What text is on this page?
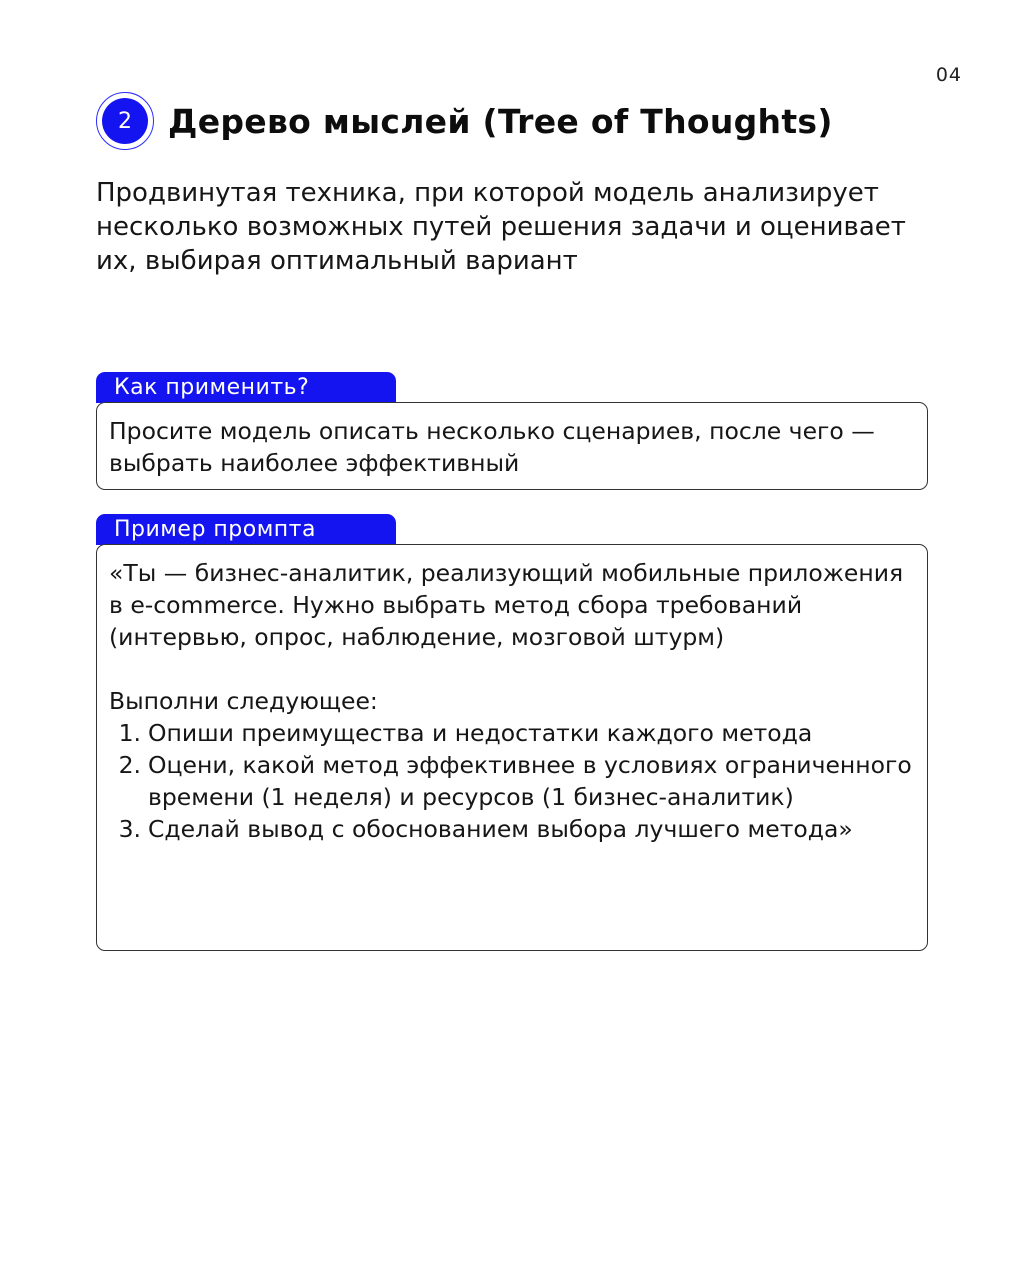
04
2	Дерево мыслей (Tree of Thoughts)
Продвинутая техника, при которой модель анализирует несколько возможных путей решения задачи и оценивает их, выбирая оптимальный вариант
Как применить?

Просите модель описать несколько сценариев, после чего — выбрать наиболее эффективный

Пример промпта

«Ты — бизнес-аналитик, реализующий мобильные приложения в e-commerce. Нужно выбрать метод сбора требований (интервью, опрос, наблюдение, мозговой штурм)

Выполни следующее:

1. Опиши преимущества и недостатки каждого метода
2. Оцени, какой метод эффективнее в условиях ограниченного времени (1 неделя) и ресурсов (1 бизнес-аналитик)
3. Сделай вывод с обоснованием выбора лучшего метода»
